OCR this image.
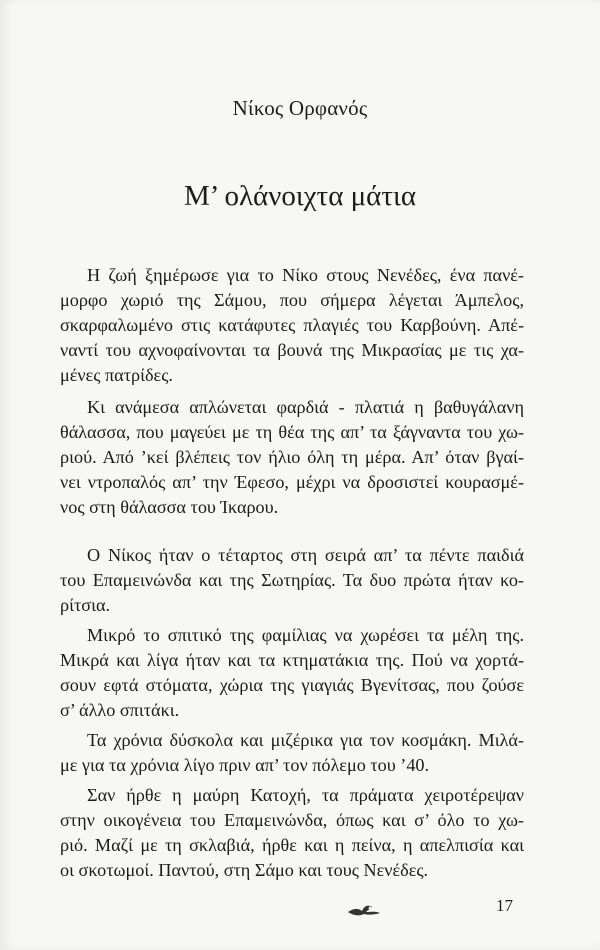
Νίκος Ορφανός
Μ’ ολάνοιχτα μάτια
Η ζωή ξημέρωσε για το Νίκο στους Νενέδες, ένα πανέ-
μορφο χωριό της Σάμου, που σήμερα λέγεται Άμπελος,
σκαρφαλωμένο στις κατάφυτες πλαγιές του Καρβούνη. Απέ-
ναντί του αχνοφαίνονται τα βουνά της Μικρασίας με τις χα-
μένες πατρίδες.
Κι ανάμεσα απλώνεται φαρδιά - πλατιά η βαθυγάλανη
θάλασσα, που μαγεύει με τη θέα της απ’ τα ξάγναντα του χω-
ριού. Από ’κεί βλέπεις τον ήλιο όλη τη μέρα. Απ’ όταν βγαί-
νει ντροπαλός απ’ την Έφεσο, μέχρι να δροσιστεί κουρασμέ-
νος στη θάλασσα του Ίκαρου.
Ο Νίκος ήταν ο τέταρτος στη σειρά απ’ τα πέντε παιδιά
του Επαμεινώνδα και της Σωτηρίας. Τα δυο πρώτα ήταν κο-
ρίτσια.
Μικρό το σπιτικό της φαμίλιας να χωρέσει τα μέλη της.
Μικρά και λίγα ήταν και τα κτηματάκια της. Πού να χορτά-
σουν εφτά στόματα, χώρια της γιαγιάς Βγενίτσας, που ζούσε
σ’ άλλο σπιτάκι.
Τα χρόνια δύσκολα και μιζέρικα για τον κοσμάκη. Μιλά-
με για τα χρόνια λίγο πριν απ’ τον πόλεμο του ’40.
Σαν ήρθε η μαύρη Κατοχή, τα πράματα χειροτέρεψαν
στην οικογένεια του Επαμεινώνδα, όπως και σ’ όλο το χω-
ριό. Μαζί με τη σκλαβιά, ήρθε και η πείνα, η απελπισία και
οι σκοτωμοί. Παντού, στη Σάμο και τους Νενέδες.
17
